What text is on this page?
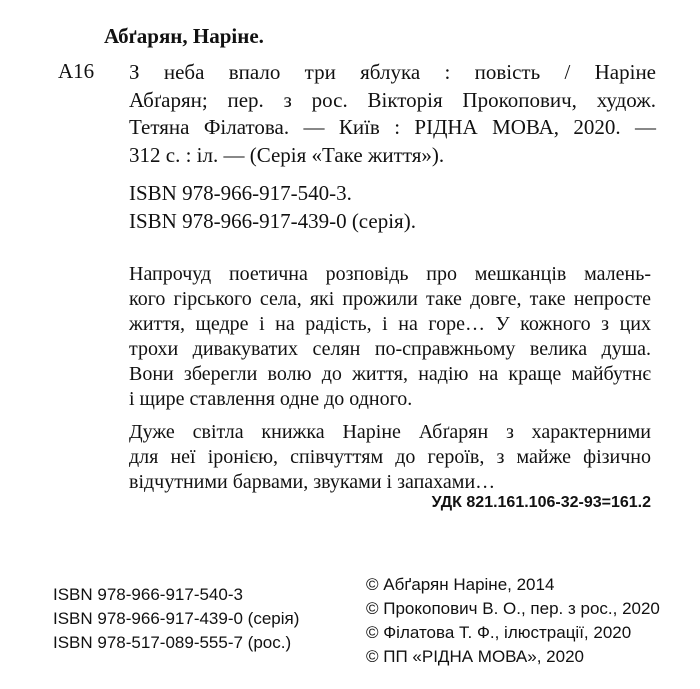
Абґарян, Наріне.
А16 З неба впало три яблука : повість / Наріне
Абґарян; пер. з рос. Вікторія Прокопович, худож.
Тетяна Філатова. — Київ : РІДНА МОВА, 2020. —
312 с. : іл. — (Серія «Таке життя»).
ISBN 978-966-917-540-3.
ISBN 978-966-917-439-0 (серія).
Напрочуд поетична розповідь про мешканців малень-
кого гірського села, які прожили таке довге, таке непросте
життя, щедре і на радість, і на горе… У кожного з цих
трохи дивакуватих селян по-справжньому велика душа.
Вони зберегли волю до життя, надію на краще майбутнє
і щире ставлення одне до одного.
Дуже світла книжка Наріне Абґарян з характерними
для неї іронією, співчуттям до героїв, з майже фізично
відчутними барвами, звуками і запахами…
УДК 821.161.106-32-93=161.2
ISBN 978-966-917-540-3
ISBN 978-966-917-439-0 (серія)
ISBN 978-517-089-555-7 (рос.)
© Абґарян Наріне, 2014
© Прокопович В. О., пер. з рос., 2020
© Філатова Т. Ф., ілюстрації, 2020
© ПП «РІДНА МОВА», 2020
